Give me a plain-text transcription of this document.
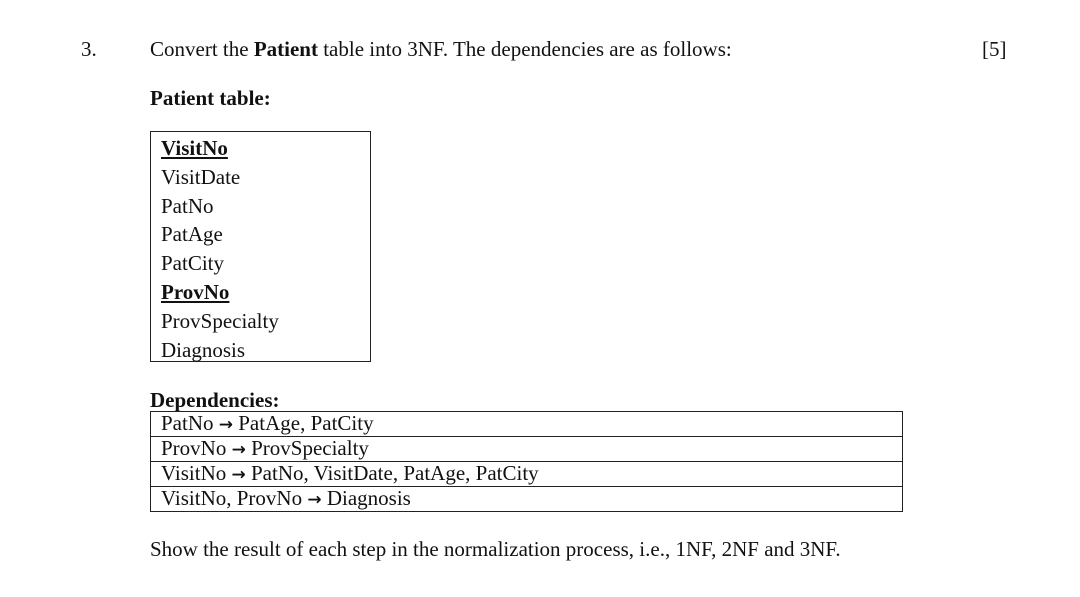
3.	Convert the Patient table into 3NF. The dependencies are as follows:	[5]
Patient table:
VisitNo
VisitDate
PatNo
PatAge
PatCity
ProvNo
ProvSpecialty
Diagnosis
Dependencies:
PatNo → PatAge, PatCity
ProvNo → ProvSpecialty
VisitNo → PatNo, VisitDate, PatAge, PatCity
VisitNo, ProvNo → Diagnosis
Show the result of each step in the normalization process, i.e., 1NF, 2NF and 3NF.
